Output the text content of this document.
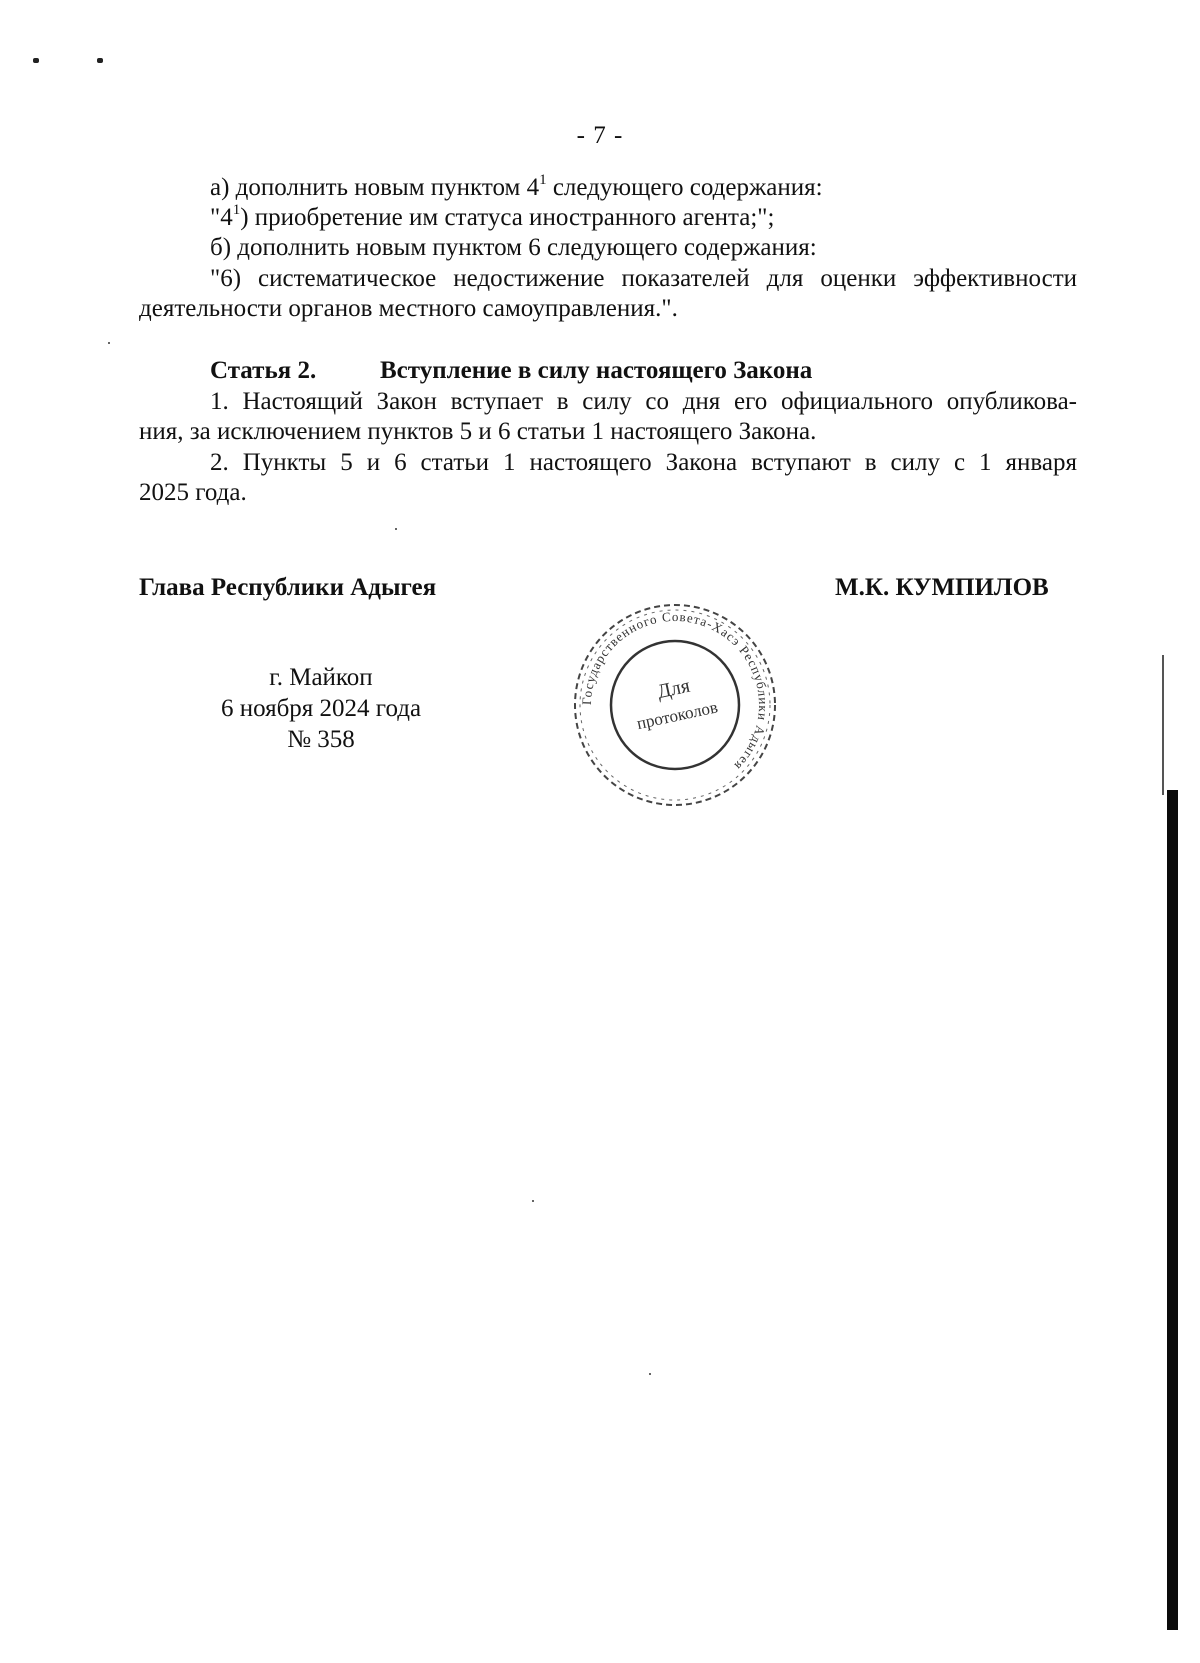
- 7 -
а) дополнить новым пунктом $4^1$ следующего содержания:
"$4^1$) приобретение им статуса иностранного агента;";
б) дополнить новым пунктом 6 следующего содержания:
"6) систематическое недостижение показателей для оценки эффективности
деятельности органов местного самоуправления.".
Статья 2.	Вступление в силу настоящего Закона
1. Настоящий Закон вступает в силу со дня его официального опубликова-
ния, за исключением пунктов 5 и 6 статьи 1 настоящего Закона.
2. Пункты 5 и 6 статьи 1 настоящего Закона вступают в силу с 1 января
2025 года.
Глава Республики Адыгея	М.К. КУМПИЛОВ
г. Майкоп
6 ноября 2024 года
№ 358
Государственного Совета-Хасэ Республики Адыгея
Для
протоколов
